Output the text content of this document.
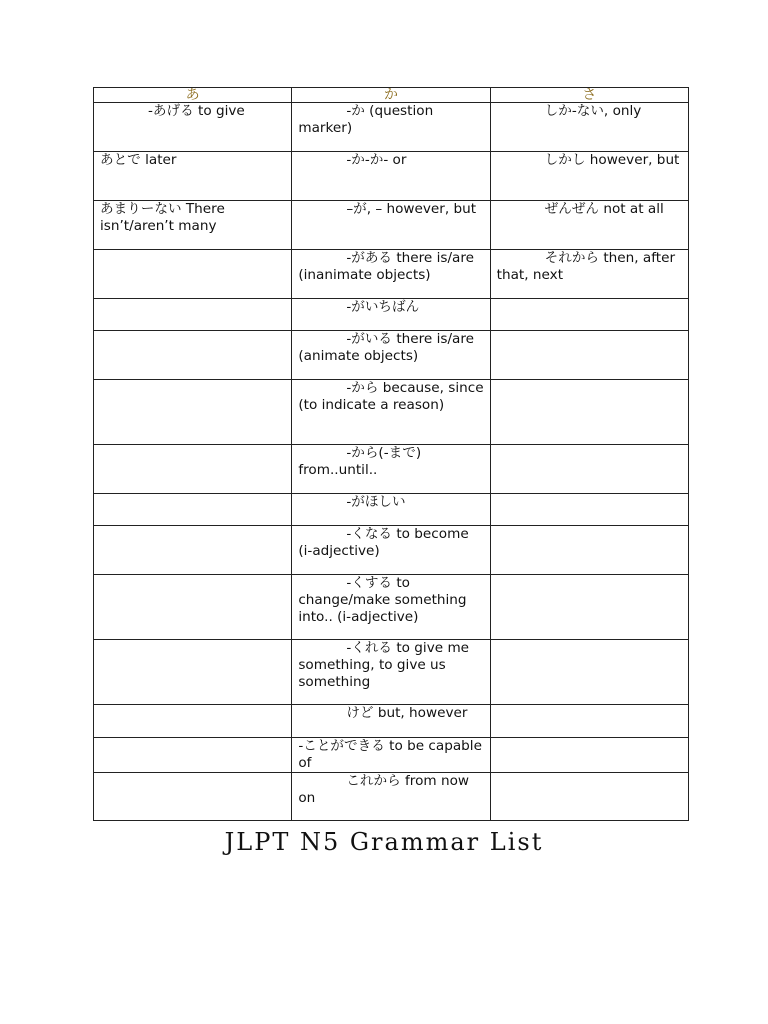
あ	か	さ

-あげる to give	-か (question marker)	しか-ない, only

あとで later	-か-か- or	しかし however, but

あまりーない There isn’t/aren’t many	–が, – however, but	ぜんぜん not at all

	-がある there is/are (inanimate objects)	それから then, after that, next

	-がいちばん	

	-がいる there is/are (animate objects)	

	-から because, since (to indicate a reason)	

	-から(-まで) from..until..	

	-がほしい	

	-くなる to become (i-adjective)	

	-くする to change/make something into.. (i-adjective)	

	-くれる to give me something, to give us something	

	けど but, however	

	-ことができる to be capable of	

	これから from now on	

JLPT N5 Grammar List
